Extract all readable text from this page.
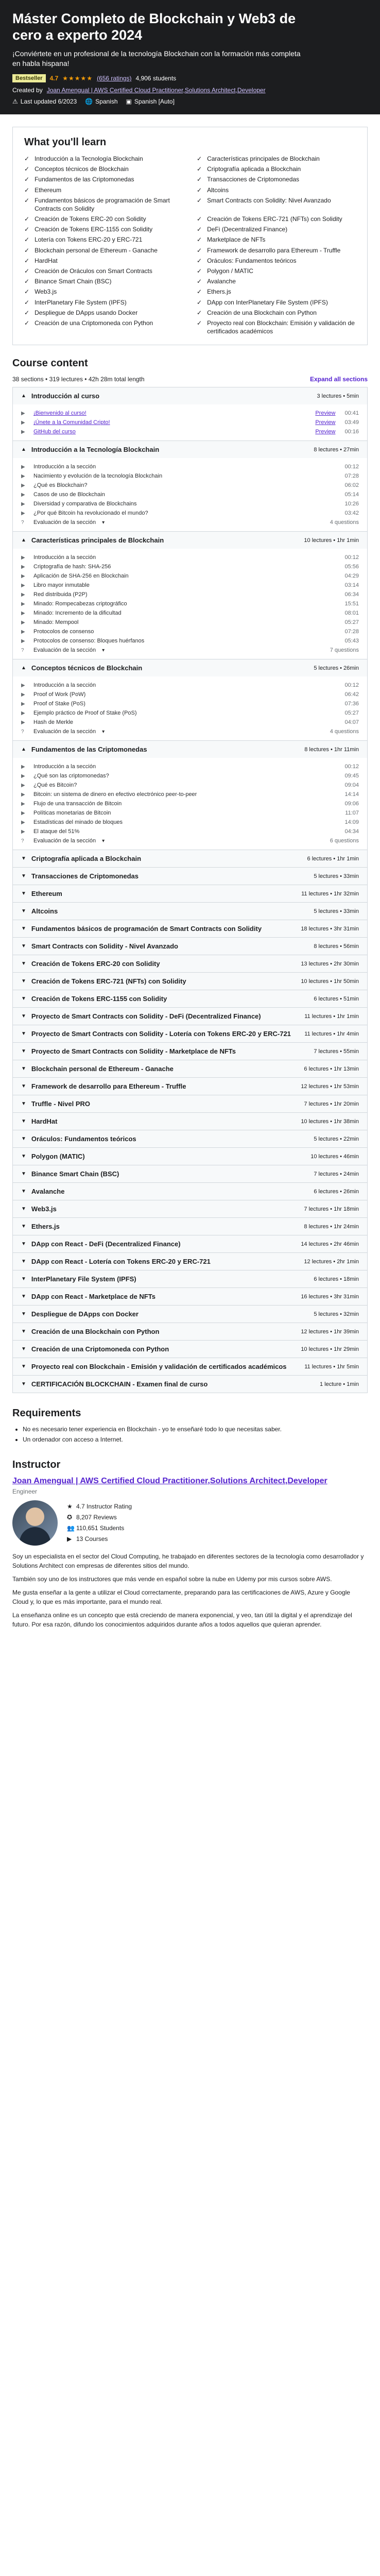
Máster Completo de Blockchain y Web3 de cero a experto 2024

¡Conviértete en un profesional de la tecnología Blockchain con la formación más completa en habla hispana!

Bestseller	4.7 ★★★★★ (656 ratings) 4,906 students
Created by Joan Amengual | AWS Certified Cloud Practitioner,Solutions Architect,Developer
⚠ Last updated 6/2023 🌐 Spanish ▣ Spanish [Auto]
What you'll learn
✓ Introducción a la Tecnología Blockchain	✓ Características principales de Blockchain
✓ Conceptos técnicos de Blockchain	✓ Criptografía aplicada a Blockchain
✓ Fundamentos de las Criptomonedas	✓ Transacciones de Criptomonedas
✓ Ethereum	✓ Altcoins
✓ Fundamentos básicos de programación de Smart Contracts con Solidity
✓ Smart Contracts con Solidity: Nivel Avanzado
✓ Creación de Tokens ERC-20 con Solidity	✓ Creación de Tokens ERC-721 (NFTs) con Solidity
✓ Creación de Tokens ERC-1155 con Solidity	✓ DeFi (Decentralized Finance)
✓ Lotería con Tokens ERC-20 y ERC-721	✓ Marketplace de NFTs
✓ Blockchain personal de Ethereum - Ganache	✓ Framework de desarrollo para Ethereum - Truffle
✓ HardHat	✓ Oráculos: Fundamentos teóricos
✓ Creación de Oráculos con Smart Contracts	✓ Polygon / MATIC
✓ Binance Smart Chain (BSC)	✓ Avalanche
✓ Web3.js	✓ Ethers.js
✓ InterPlanetary File System (IPFS)	✓ DApp con InterPlanetary File System (IPFS)
✓ Despliegue de DApps usando Docker	✓ Creación de una Blockchain con Python
✓ Creación de una Criptomoneda con Python	✓ Proyecto real con Blockchain: Emisión y validación de certificados académicos
Course content
38 sections • 319 lectures • 42h 28m total length	Expand all sections
▲ Introducción al curso	3 lectures • 5min
▶	¡Bienvenido al curso!	Preview 00:41
▶	¡Únete a la Comunidad Cripto!	Preview 03:49
▶	GitHub del curso	Preview 00:16
▲ Introducción a la Tecnología Blockchain	8 lectures • 27min
▶	Introducción a la sección	00:12
▶	Nacimiento y evolución de la tecnología Blockchain	07:28
▶	¿Qué es Blockchain?	06:02
▶	Casos de uso de Blockchain	05:14
▶	Diversidad y comparativa de Blockchains	10:26
▶	¿Por qué Bitcoin ha revolucionado el mundo?	03:42
?	Evaluación de la sección ▾	4 questions
▲ Características principales de Blockchain	10 lectures • 1hr 1min
▶	Introducción a la sección	00:12
▶	Criptografía de hash: SHA-256	05:56
▶	Aplicación de SHA-256 en Blockchain	04:29
▶	Libro mayor inmutable	03:14
▶	Red distribuida (P2P)	06:34
▶	Minado: Rompecabezas criptográfico	15:51
▶	Minado: Incremento de la dificultad	08:01
▶	Minado: Mempool	05:27
▶	Protocolos de consenso	07:28
▶	Protocolos de consenso: Bloques huérfanos	05:43
?	Evaluación de la sección ▾	7 questions
▲ Conceptos técnicos de Blockchain	5 lectures • 26min
▶	Introducción a la sección	00:12
▶	Proof of Work (PoW)	06:42
▶	Proof of Stake (PoS)	07:36
▶	Ejemplo práctico de Proof of Stake (PoS)	05:27
▶	Hash de Merkle	04:07
?	Evaluación de la sección ▾	4 questions
▲ Fundamentos de las Criptomonedas	8 lectures • 1hr 11min
▶	Introducción a la sección	00:12
▶	¿Qué son las criptomonedas?	09:45
▶	¿Qué es Bitcoin?	09:04
▶	Bitcoin: un sistema de dinero en efectivo electrónico peer-to-peer	14:14
▶	Flujo de una transacción de Bitcoin	09:06
▶	Políticas monetarias de Bitcoin	11:07
▶	Estadísticas del minado de bloques	14:09
▶	El ataque del 51%	04:34
?	Evaluación de la sección ▾	6 questions
▼ Criptografía aplicada a Blockchain	6 lectures • 1hr 1min
▼ Transacciones de Criptomonedas	5 lectures • 33min
▼ Ethereum	11 lectures • 1hr 32min
▼ Altcoins	5 lectures • 33min
▼ Fundamentos básicos de programación de Smart Contracts con Solidity	18 lectures • 3hr 31min
▼ Smart Contracts con Solidity - Nivel Avanzado	8 lectures • 56min
▼ Creación de Tokens ERC-20 con Solidity	13 lectures • 2hr 30min
▼ Creación de Tokens ERC-721 (NFTs) con Solidity	10 lectures • 1hr 50min
▼ Creación de Tokens ERC-1155 con Solidity	6 lectures • 51min
▼ Proyecto de Smart Contracts con Solidity - DeFi (Decentralized Finance)	11 lectures • 1hr 1min
▼ Proyecto de Smart Contracts con Solidity - Lotería con Tokens ERC-20 y ERC-721 11 lectures • 1hr 4min
▼ Proyecto de Smart Contracts con Solidity - Marketplace de NFTs	7 lectures • 55min
▼ Blockchain personal de Ethereum - Ganache	6 lectures • 1hr 13min
▼ Framework de desarrollo para Ethereum - Truffle	12 lectures • 1hr 53min
▼ Truffle - Nivel PRO	7 lectures • 1hr 20min
▼ HardHat	10 lectures • 1hr 38min
▼ Oráculos: Fundamentos teóricos	5 lectures • 22min
▼ Polygon (MATIC)	10 lectures • 46min
▼ Binance Smart Chain (BSC)	7 lectures • 24min
▼ Avalanche	6 lectures • 26min
▼ Web3.js	7 lectures • 1hr 18min
▼ Ethers.js	8 lectures • 1hr 24min
▼ DApp con React - DeFi (Decentralized Finance)	14 lectures • 2hr 46min
▼ DApp con React - Lotería con Tokens ERC-20 y ERC-721	12 lectures • 2hr 1min
▼ InterPlanetary File System (IPFS)	6 lectures • 18min
▼ DApp con React - Marketplace de NFTs	16 lectures • 3hr 31min
▼ Despliegue de DApps con Docker	5 lectures • 32min
▼ Creación de una Blockchain con Python	12 lectures • 1hr 39min
▼ Creación de una Criptomoneda con Python	10 lectures • 1hr 29min
▼ Proyecto real con Blockchain - Emisión y validación de certificados académicos	11 lectures • 1hr 5min
▼ CERTIFICACIÓN BLOCKCHAIN - Examen final de curso	1 lecture • 1min
Requirements
• No es necesario tener experiencia en Blockchain - yo te enseñaré todo lo que necesitas saber.
• Un ordenador con acceso a Internet.
Instructor
Joan Amengual | AWS Certified Cloud Practitioner,Solutions Architect,Developer
Engineer
★ 4.7 Instructor Rating
✪ 8,207 Reviews
👥 110,651 Students
▶ 13 Courses

Soy un especialista en el sector del Cloud Computing, he trabajado en diferentes sectores de la tecnología como desarrollador y Solutions Architect con empresas de diferentes sitios del mundo.

También soy uno de los instructores que más vende en español sobre la nube en Udemy por mis cursos sobre AWS.

Me gusta enseñar a la gente a utilizar el Cloud correctamente, preparando para las certificaciones de AWS, Azure y Google Cloud y, lo que es más importante, para el mundo real.

La enseñanza online es un concepto que está creciendo de manera exponencial, y veo, tan útil la digital y el aprendizaje del futuro. Por esa razón, difundo los conocimientos adquiridos durante años a todos aquellos que quieran aprender.
